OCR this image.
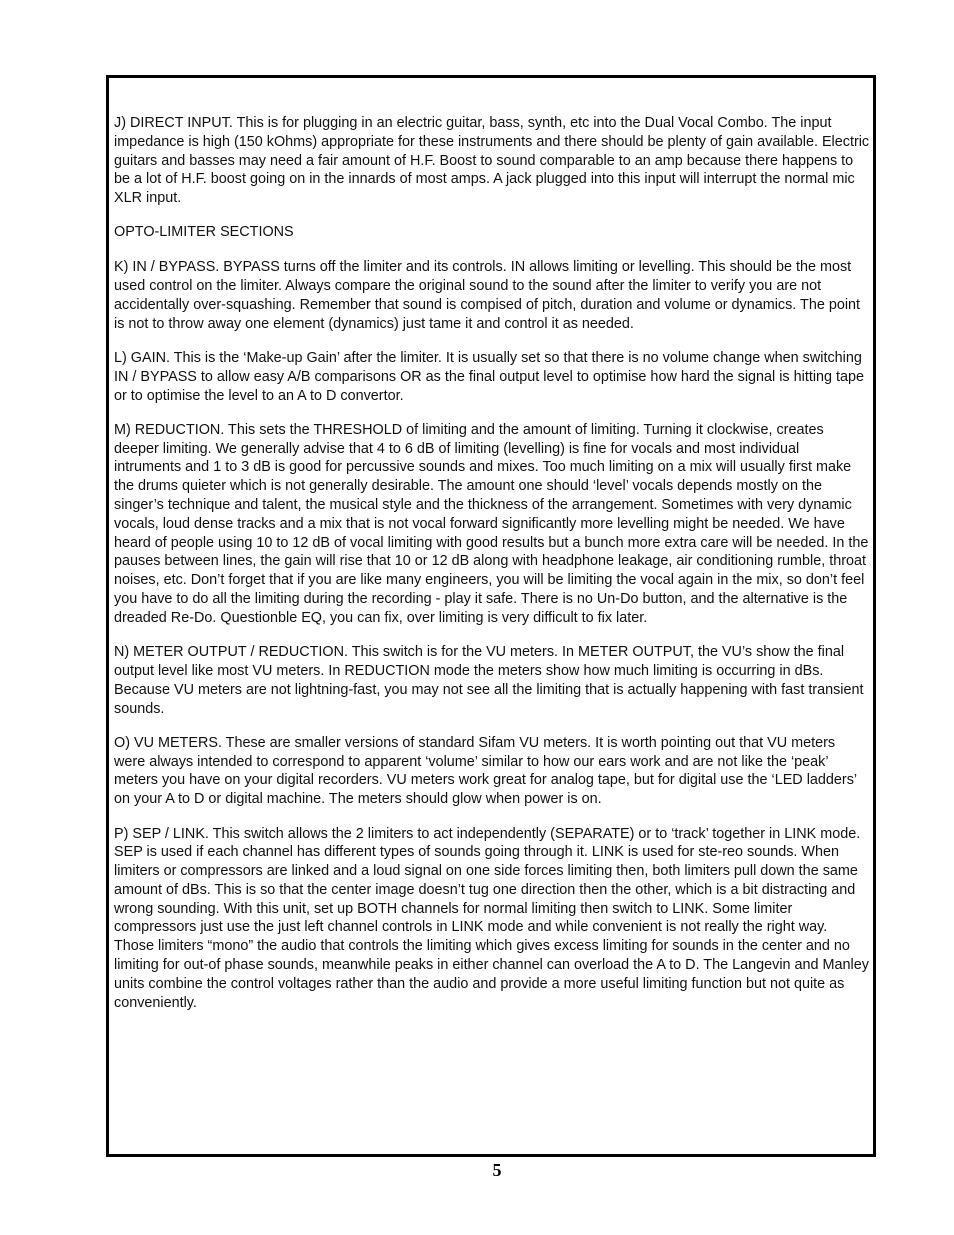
J) DIRECT INPUT. This is for plugging in an electric guitar, bass, synth, etc into the Dual Vocal Combo. The input impedance is high (150 kOhms) appropriate for these instruments and there should be plenty of gain available. Electric guitars and basses may need a fair amount of H.F. Boost to sound comparable to an amp because there happens to be a lot of H.F. boost going on in the innards of most amps. A jack plugged into this input will interrupt the normal mic XLR input.

OPTO-LIMITER SECTIONS

K) IN / BYPASS. BYPASS turns off the limiter and its controls. IN allows limiting or levelling. This should be the most used control on the limiter. Always compare the original sound to the sound after the limiter to verify you are not accidentally over-squashing. Remember that sound is compised of pitch, duration and volume or dynamics. The point is not to throw away one element (dynamics) just tame it and control it as needed.

L) GAIN. This is the ‘Make-up Gain’ after the limiter. It is usually set so that there is no volume change when switching IN / BYPASS to allow easy A/B comparisons OR as the final output level to optimise how hard the signal is hitting tape or to optimise the level to an A to D convertor.

M) REDUCTION. This sets the THRESHOLD of limiting and the amount of limiting. Turning it clockwise, creates deeper limiting. We generally advise that 4 to 6 dB of limiting (levelling) is fine for vocals and most individual intruments and 1 to 3 dB is good for percussive sounds and mixes. Too much limiting on a mix will usually first make the drums quieter which is not generally desirable. The amount one should ‘level’ vocals depends mostly on the singer’s technique and talent, the musical style and the thickness of the arrangement. Sometimes with very dynamic vocals, loud dense tracks and a mix that is not vocal forward significantly more levelling might be needed. We have heard of people using 10 to 12 dB of vocal limiting with good results but a bunch more extra care will be needed. In the pauses between lines, the gain will rise that 10 or 12 dB along with headphone leakage, air conditioning rumble, throat noises, etc. Don’t forget that if you are like many engineers, you will be limiting the vocal again in the mix, so don’t feel you have to do all the limiting during the recording - play it safe. There is no Un-Do button, and the alternative is the dreaded Re-Do. Questionble EQ, you can fix, over limiting is very difficult to fix later.

N) METER OUTPUT / REDUCTION. This switch is for the VU meters. In METER OUTPUT, the VU’s show the final output level like most VU meters. In REDUCTION mode the meters show how much limiting is occurring in dBs. Because VU meters are not lightning-fast, you may not see all the limiting that is actually happening with fast transient sounds.

O) VU METERS. These are smaller versions of standard Sifam VU meters. It is worth pointing out that VU meters were always intended to correspond to apparent ‘volume’ similar to how our ears work and are not like the ‘peak’ meters you have on your digital recorders. VU meters work great for analog tape, but for digital use the ‘LED ladders’ on your A to D or digital machine. The meters should glow when power is on.

P) SEP / LINK. This switch allows the 2 limiters to act independently (SEPARATE) or to ‘track’ together in LINK mode. SEP is used if each channel has different types of sounds going through it. LINK is used for ste-reo sounds. When limiters or compressors are linked and a loud signal on one side forces limiting then, both limiters pull down the same amount of dBs. This is so that the center image doesn’t tug one direction then the other, which is a bit distracting and wrong sounding. With this unit, set up BOTH channels for normal limiting then switch to LINK. Some limiter compressors just use the just left channel controls in LINK mode and while convenient is not really the right way. Those limiters “mono” the audio that controls the limiting which gives excess limiting for sounds in the center and no limiting for out-of phase sounds, meanwhile peaks in either channel can overload the A to D. The Langevin and Manley units combine the control voltages rather than the audio and provide a more useful limiting function but not quite as conveniently.

5
